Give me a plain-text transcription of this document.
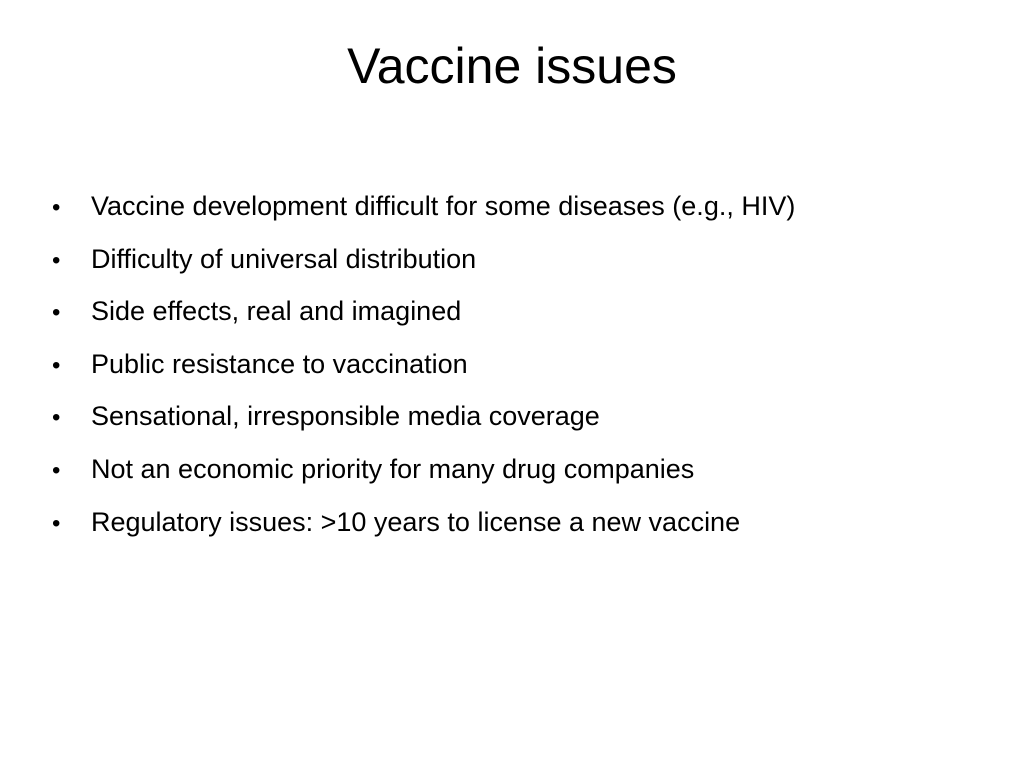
Vaccine issues
•	Vaccine development difficult for some diseases (e.g., HIV)
•	Difficulty of universal distribution
•	Side effects, real and imagined
•	Public resistance to vaccination
•	Sensational, irresponsible media coverage
•	Not an economic priority for many drug companies
•	Regulatory issues: >10 years to license a new vaccine
